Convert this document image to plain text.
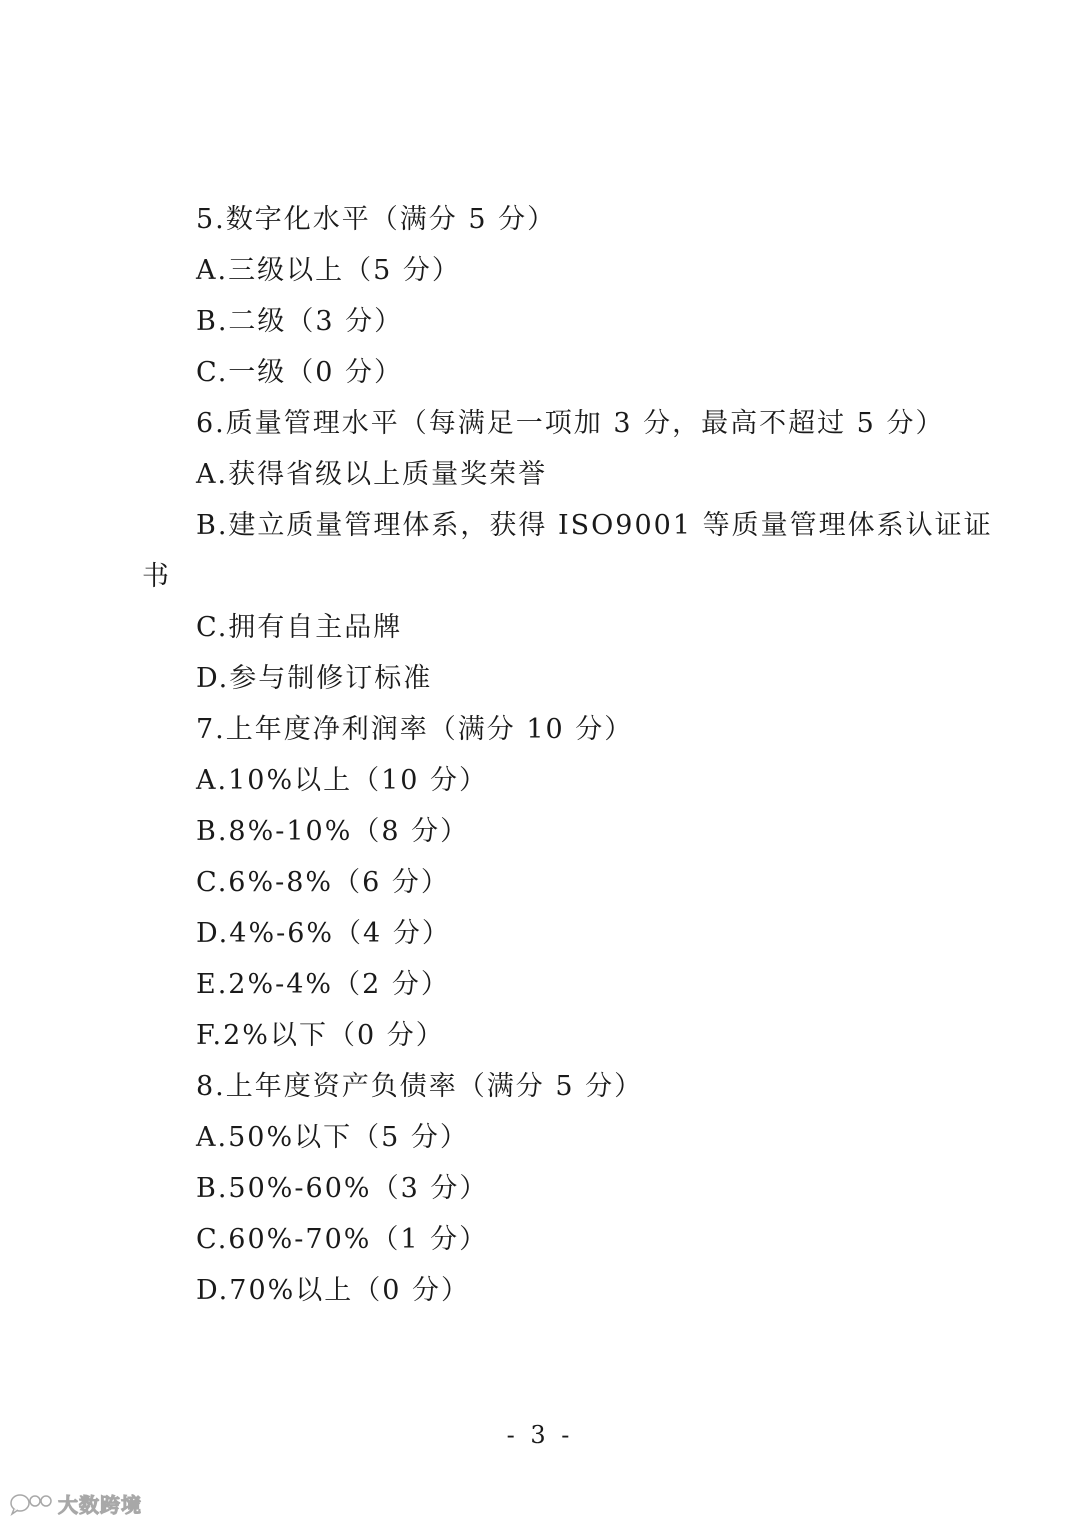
5.数字化水平（满分 5 分）
A.三级以上（5 分）
B.二级（3 分）
C.一级（0 分）
6.质量管理水平（每满足一项加 3 分，最高不超过 5 分）
A.获得省级以上质量奖荣誉
B.建立质量管理体系，获得 ISO9001 等质量管理体系认证证
书
C.拥有自主品牌
D.参与制修订标准
7.上年度净利润率（满分 10 分）
A.10%以上（10 分）
B.8%-10%（8 分）
C.6%-8%（6 分）
D.4%-6%（4 分）
E.2%-4%（2 分）
F.2%以下（0 分）
8.上年度资产负债率（满分 5 分）
A.50%以下（5 分）
B.50%-60%（3 分）
C.60%-70%（1 分）
D.70%以上（0 分）
- 3 -
大数跨境
